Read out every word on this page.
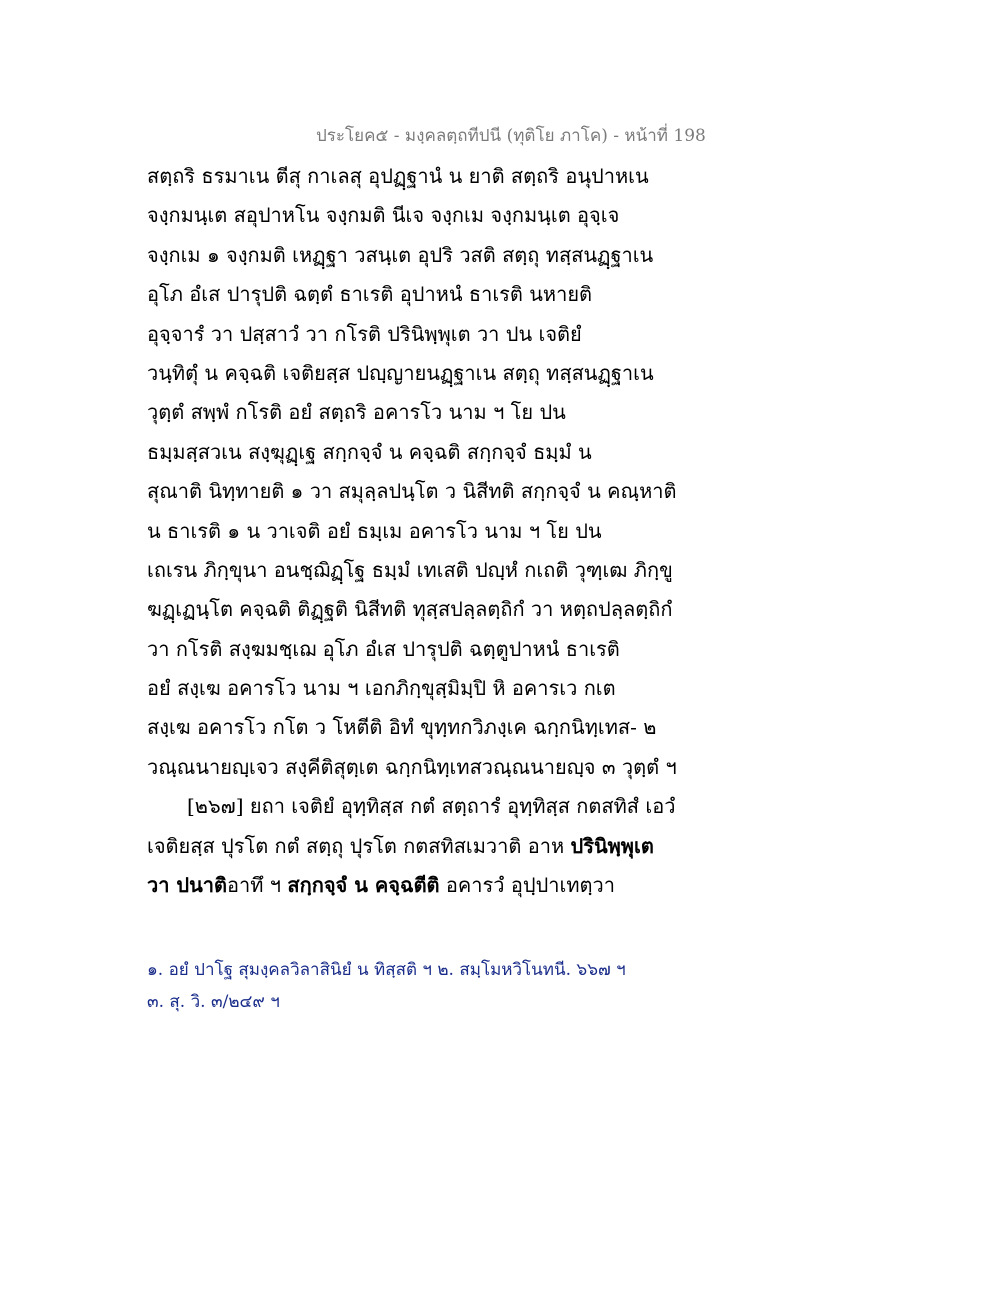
ประโยค๕ - มงฺคลตฺถทีปนี (ทุติโย ภาโค) - หน้าที่ 198
สตฺถริ ธรมาเน ตีสุ กาเลสุ อุปฏฺฐานํ น ยาติ สตฺถริ อนุปาหเน
จงฺกมนฺเต สอุปาหโน จงฺกมติ นีเจ จงฺกเม จงฺกมนฺเต อุจฺเจ
จงฺกเม ๑ จงฺกมติ เหฏฺฐา วสนฺเต อุปริ วสติ สตฺถุ ทสฺสนฏฺฐาเน
อุโภ อํเส ปารุปติ ฉตฺตํ ธาเรติ อุปาหนํ ธาเรติ นหายติ
อุจฺจารํ วา ปสฺสาวํ วา กโรติ ปรินิพฺพุเต วา ปน เจติยํ
วนฺทิตุํ น คจฺฉติ เจติยสฺส ปญฺญายนฏฺฐาเน สตฺถุ ทสฺสนฏฺฐาเน
วุตฺตํ สพฺพํ กโรติ อยํ สตฺถริ อคารโว นาม ฯ โย ปน
ธมฺมสฺสวเน สงฺฆุฏฺเฐ สกฺกจฺจํ น คจฺฉติ สกฺกจฺจํ ธมฺมํ น
สุณาติ นิทฺทายติ ๑ วา สมุลฺลปนฺโต ว นิสีทติ สกฺกจฺจํ น คณฺหาติ
น ธาเรติ ๑ น วาเจติ อยํ ธมฺเม อคารโว นาม ฯ โย ปน
เถเรน ภิกฺขุนา อนชฺฌิฏฺโฐ ธมฺมํ เทเสติ ปญฺหํ กเถติ วุฑฺเฒ ภิกฺขู
ฆฏฺเฏนฺโต คจฺฉติ ติฏฺฐติ นิสีทติ ทุสฺสปลฺลตฺถิกํ วา หตฺถปลฺลตฺถิกํ
วา กโรติ สงฺฆมชฺเฌ อุโภ อํเส ปารุปติ ฉตฺตูปาหนํ ธาเรติ
อยํ สงฺเฆ อคารโว นาม ฯ เอกภิกฺขุสฺมิมฺปิ หิ อคารเว กเต
สงฺเฆ อคารโว กโต ว โหตีติ อิทํ ขุทฺทกวิภงฺเค ฉกฺกนิทฺเทส- ๒
วณฺณนายญฺเจว สงฺคีติสุตฺเต ฉกฺกนิทฺเทสวณฺณนายญฺจ ๓ วุตฺตํ ฯ
[๒๖๗] ยถา เจติยํ อุทฺทิสฺส กตํ สตฺถารํ อุทฺทิสฺส กตสทิสํ เอวํ
เจติยสฺส ปุรโต กตํ สตฺถุ ปุรโต กตสทิสเมวาติ อาห ปรินิพฺพุเต
วา ปนาติอาทึ ฯ สกฺกจฺจํ น คจฺฉตีติ อคารวํ อุปฺปาเทตฺวา
๑. อยํ ปาโฐ สุมงฺคลวิลาสินิยํ น ทิสฺสติ ฯ ๒. สมฺโมหวิโนทนี. ๖๖๗ ฯ
๓. สุ. วิ. ๓/๒๔๙ ฯ
